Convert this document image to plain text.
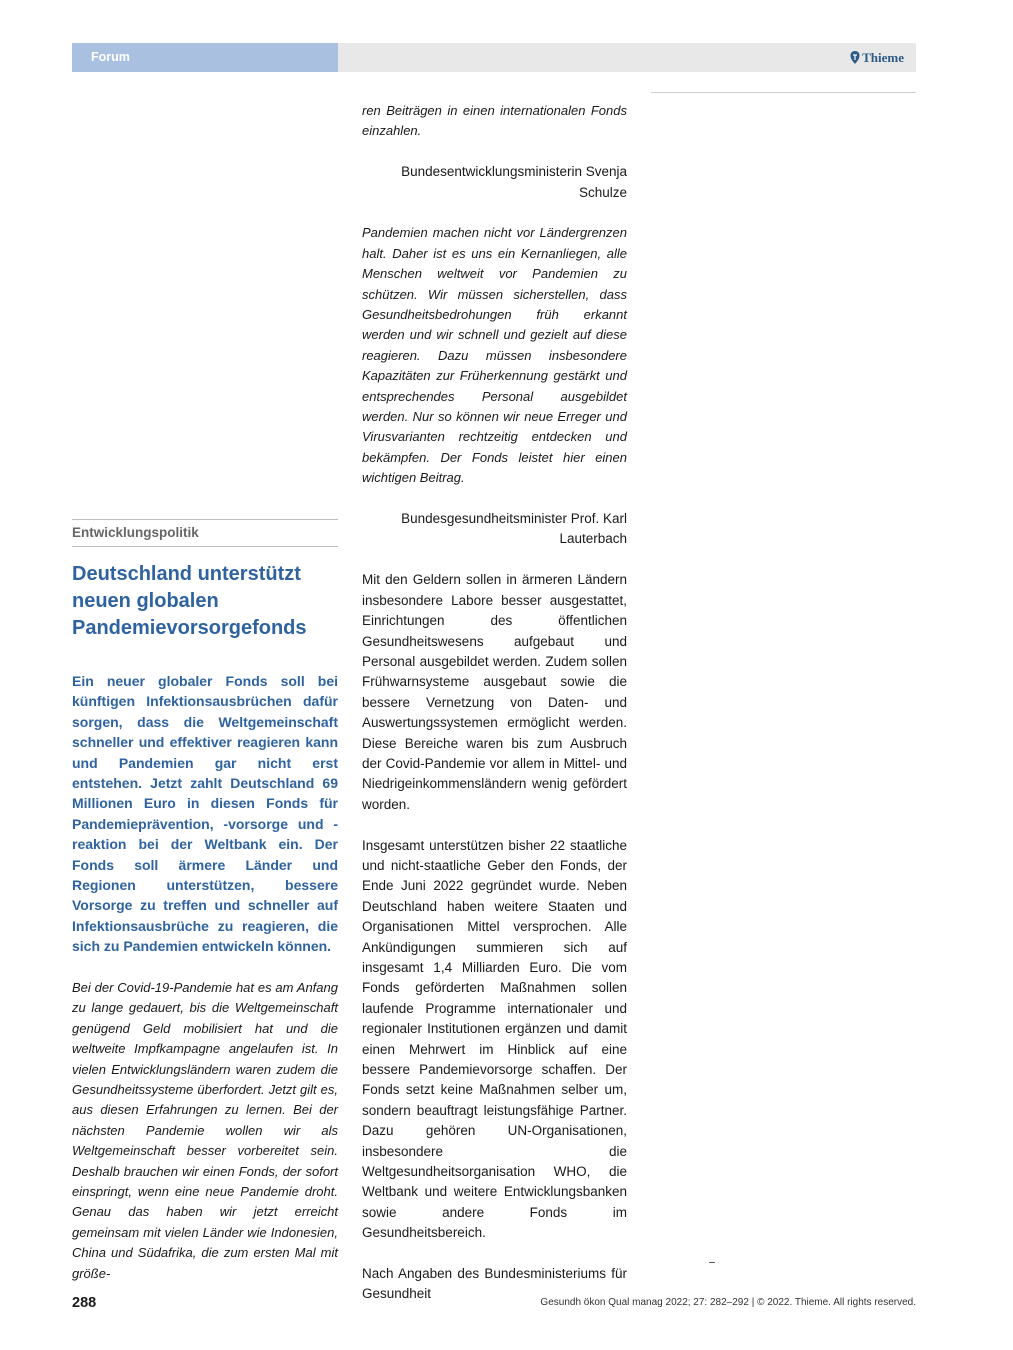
Forum	Thieme
Entwicklungspolitik
Deutschland unterstützt neuen globalen Pandemievorsorgefonds

Ein neuer globaler Fonds soll bei künftigen Infektionsausbrüchen dafür sorgen, dass die Weltgemeinschaft schneller und effektiver reagieren kann und Pandemien gar nicht erst entstehen. Jetzt zahlt Deutschland 69 Millionen Euro in diesen Fonds für Pandemieprävention, -vorsorge und -reaktion bei der Weltbank ein. Der Fonds soll ärmere Länder und Regionen unterstützen, bessere Vorsorge zu treffen und schneller auf Infektionsausbrüche zu reagieren, die sich zu Pandemien entwickeln können.

Bei der Covid-19-Pandemie hat es am Anfang zu lange gedauert, bis die Weltgemeinschaft genügend Geld mobilisiert hat und die weltweite Impfkampagne angelaufen ist. In vielen Entwicklungsländern waren zudem die Gesundheitssysteme überfordert. Jetzt gilt es, aus diesen Erfahrungen zu lernen. Bei der nächsten Pandemie wollen wir als Weltgemeinschaft besser vorbereitet sein. Deshalb brauchen wir einen Fonds, der sofort einspringt, wenn eine neue Pandemie droht. Genau das haben wir jetzt erreicht gemeinsam mit vielen Länder wie Indonesien, China und Südafrika, die zum ersten Mal mit größe-

ren Beiträgen in einen internationalen Fonds einzahlen.

Bundesentwicklungsministerin Svenja Schulze

Pandemien machen nicht vor Ländergrenzen halt. Daher ist es uns ein Kernanliegen, alle Menschen weltweit vor Pandemien zu schützen. Wir müssen sicherstellen, dass Gesundheitsbedrohungen früh erkannt werden und wir schnell und gezielt auf diese reagieren. Dazu müssen insbesondere Kapazitäten zur Früherkennung gestärkt und entsprechendes Personal ausgebildet werden. Nur so können wir neue Erreger und Virusvarianten rechtzeitig entdecken und bekämpfen. Der Fonds leistet hier einen wichtigen Beitrag.

Bundesgesundheitsminister Prof. Karl Lauterbach

Mit den Geldern sollen in ärmeren Ländern insbesondere Labore besser ausgestattet, Einrichtungen des öffentlichen Gesundheitswesens aufgebaut und Personal ausgebildet werden. Zudem sollen Frühwarnsysteme ausgebaut sowie die bessere Vernetzung von Daten- und Auswertungssystemen ermöglicht werden. Diese Bereiche waren bis zum Ausbruch der Covid-Pandemie vor allem in Mittel- und Niedrigeinkommensländern wenig gefördert worden.

Insgesamt unterstützen bisher 22 staatliche und nicht-staatliche Geber den Fonds, der Ende Juni 2022 gegründet wurde. Neben Deutschland haben weitere Staaten und Organisationen Mittel versprochen. Alle Ankündigungen summieren sich auf insgesamt 1,4 Milliarden Euro. Die vom Fonds geförderten Maßnahmen sollen laufende Programme internationaler und regionaler Institutionen ergänzen und damit einen Mehrwert im Hinblick auf eine bessere Pandemievorsorge schaffen. Der Fonds setzt keine Maßnahmen selber um, sondern beauftragt leistungsfähige Partner. Dazu gehören UN-Organisationen, insbesondere die Weltgesundheitsorganisation WHO, die Weltbank und weitere Entwicklungsbanken sowie andere Fonds im Gesundheitsbereich.

Nach Angaben des Bundesministeriums für Gesundheit

288	Gesundh ökon Qual manag 2022; 27: 282–292 | © 2022. Thieme. All rights reserved.
